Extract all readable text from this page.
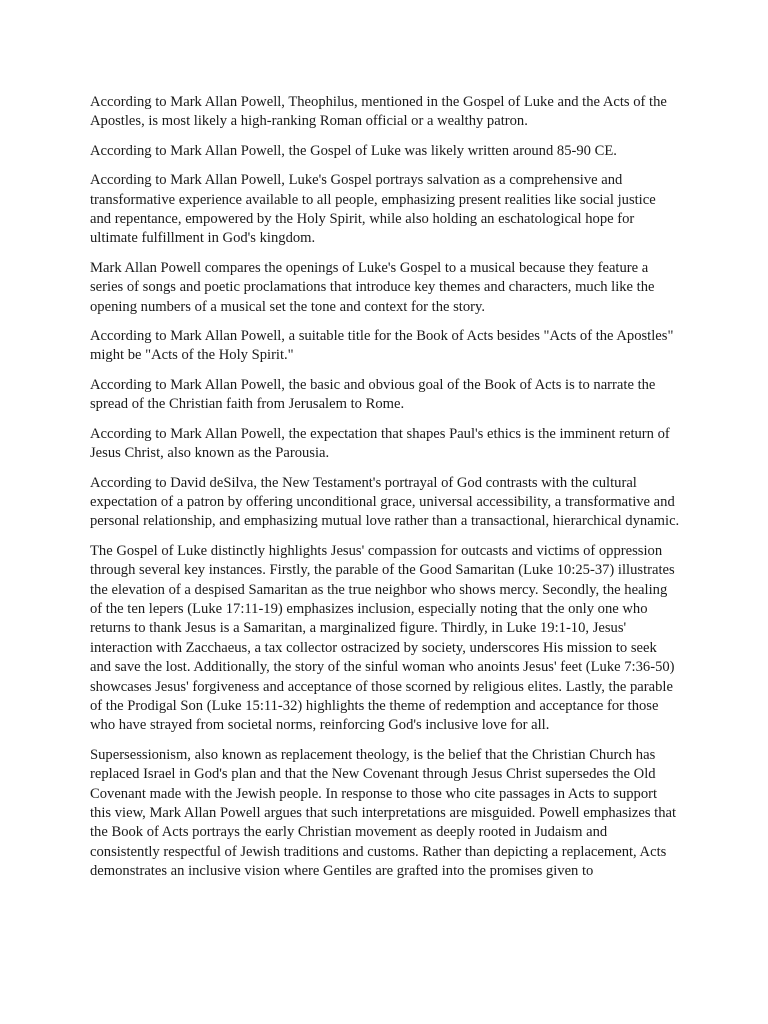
According to Mark Allan Powell, Theophilus, mentioned in the Gospel of Luke and the Acts of the Apostles, is most likely a high-ranking Roman official or a wealthy patron.

According to Mark Allan Powell, the Gospel of Luke was likely written around 85-90 CE.

According to Mark Allan Powell, Luke's Gospel portrays salvation as a comprehensive and transformative experience available to all people, emphasizing present realities like social justice and repentance, empowered by the Holy Spirit, while also holding an eschatological hope for ultimate fulfillment in God's kingdom.

Mark Allan Powell compares the openings of Luke's Gospel to a musical because they feature a series of songs and poetic proclamations that introduce key themes and characters, much like the opening numbers of a musical set the tone and context for the story.

According to Mark Allan Powell, a suitable title for the Book of Acts besides "Acts of the Apostles" might be "Acts of the Holy Spirit."

According to Mark Allan Powell, the basic and obvious goal of the Book of Acts is to narrate the spread of the Christian faith from Jerusalem to Rome.

According to Mark Allan Powell, the expectation that shapes Paul's ethics is the imminent return of Jesus Christ, also known as the Parousia.

According to David deSilva, the New Testament's portrayal of God contrasts with the cultural expectation of a patron by offering unconditional grace, universal accessibility, a transformative and personal relationship, and emphasizing mutual love rather than a transactional, hierarchical dynamic.

The Gospel of Luke distinctly highlights Jesus' compassion for outcasts and victims of oppression through several key instances. Firstly, the parable of the Good Samaritan (Luke 10:25-37) illustrates the elevation of a despised Samaritan as the true neighbor who shows mercy. Secondly, the healing of the ten lepers (Luke 17:11-19) emphasizes inclusion, especially noting that the only one who returns to thank Jesus is a Samaritan, a marginalized figure. Thirdly, in Luke 19:1-10, Jesus' interaction with Zacchaeus, a tax collector ostracized by society, underscores His mission to seek and save the lost. Additionally, the story of the sinful woman who anoints Jesus' feet (Luke 7:36-50) showcases Jesus' forgiveness and acceptance of those scorned by religious elites. Lastly, the parable of the Prodigal Son (Luke 15:11-32) highlights the theme of redemption and acceptance for those who have strayed from societal norms, reinforcing God's inclusive love for all.

Supersessionism, also known as replacement theology, is the belief that the Christian Church has replaced Israel in God's plan and that the New Covenant through Jesus Christ supersedes the Old Covenant made with the Jewish people. In response to those who cite passages in Acts to support this view, Mark Allan Powell argues that such interpretations are misguided. Powell emphasizes that the Book of Acts portrays the early Christian movement as deeply rooted in Judaism and consistently respectful of Jewish traditions and customs. Rather than depicting a replacement, Acts demonstrates an inclusive vision where Gentiles are grafted into the promises given to
